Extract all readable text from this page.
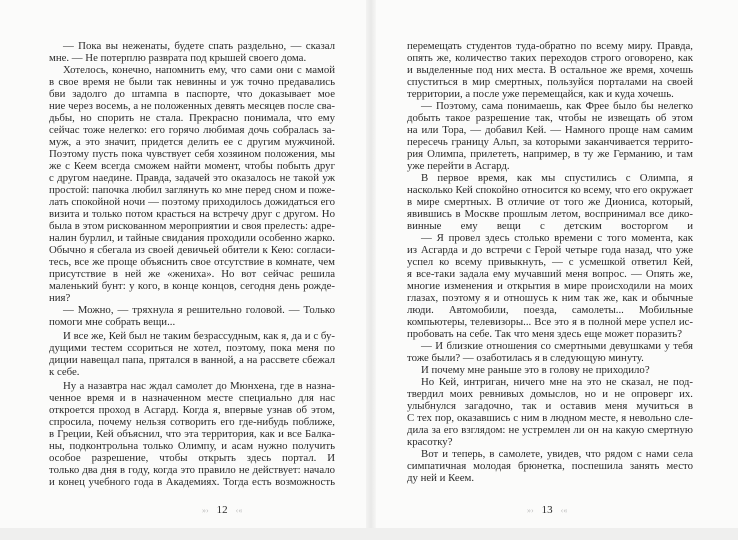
— Пока вы неженаты, будете спать раздельно, — сказал
мне. — Не потерплю разврата под крышей своего дома.
Хотелось, конечно, напомнить ему, что сами они с мамой
в свое время не были так невинны и уж точно предавались
бви задолго до штампа в паспорте, что доказывает мое
ние через восемь, а не положенных девять месяцев после сва-
дьбы, но спорить не стала. Прекрасно понимала, что ему
сейчас тоже нелегко: его горячо любимая дочь собралась за-
муж, а это значит, придется делить ее с другим мужчиной.
Поэтому пусть пока чувствует себя хозяином положения, мы
же с Кеем всегда сможем найти момент, чтобы побыть друг
с другом наедине. Правда, задачей это оказалось не такой уж
простой: папочка любил заглянуть ко мне перед сном и поже-
лать спокойной ночи — поэтому приходилось дожидаться его
визита и только потом красться на встречу друг с другом. Но
была в этом рискованном мероприятии и своя прелесть: адре-
налин бурлил, и тайные свидания проходили особенно жарко.
Обычно я сбегала из своей девичьей обители к Кею: согласи-
тесь, все же проще объяснить свое отсутствие в комнате, чем
присутствие в ней же «жениха». Но вот сейчас решила
маленький бунт: у кого, в конце концов, сегодня день рожде-
ния?
— Можно, — тряхнула я решительно головой. — Только
помоги мне собрать вещи...
И все же, Кей был не таким безрассудным, как я, да и с бу-
дущими тестем ссориться не хотел, поэтому, пока меня по
диции навещал папа, прятался в ванной, а на рассвете сбежал
к себе.
Ну а назавтра нас ждал самолет до Мюнхена, где в назна-
ченное время и в назначенном месте специально для нас
откроется проход в Асгард. Когда я, впервые узнав об этом,
спросила, почему нельзя сотворить его где-нибудь поближе,
в Греции, Кей объяснил, что эта территория, как и все Балка-
ны, подконтрольна только Олимпу, и асам нужно получить
особое разрешение, чтобы открыть здесь портал. И
только два дня в году, когда это правило не действует: начало
и конец учебного года в Академиях. Тогда есть возможность
перемещать студентов туда-обратно по всему миру. Правда,
опять же, количество таких переходов строго оговорено, как
и выделенные под них места. В остальное же время, хочешь
спуститься в мир смертных, пользуйся порталами на своей
территории, а после уже перемещайся, как и куда хочешь.
— Поэтому, сама понимаешь, как Фрее было бы нелегко
добыть такое разрешение так, чтобы не извещать об этом
на или Тора, — добавил Кей. — Намного проще нам самим
пересечь границу Альп, за которыми заканчивается террито-
рия Олимпа, прилететь, например, в ту же Германию, и там
уже перейти в Асгард.
В первое время, как мы спустились с Олимпа, я
насколько Кей спокойно относится ко всему, что его окружает
в мире смертных. В отличие от того же Диониса, который,
явившись в Москве прошлым летом, воспринимал все дико-
винные ему вещи с детским восторгом и
— Я провел здесь столько времени с того момента, как
из Асгарда и до встречи с Герой четыре года назад, что уже
успел ко всему привыкнуть, — с усмешкой ответил Кей,
я все-таки задала ему мучавший меня вопрос. — Опять же,
многие изменения и открытия в мире происходили на моих
глазах, поэтому я и отношусь к ним так же, как и обычные
люди. Автомобили, поезда, самолеты... Мобильные
компьютеры, телевизоры... Все это я в полной мере успел ис-
пробовать на себе. Так что меня здесь еще может поразить?
— И близкие отношения со смертными девушками у тебя
тоже были? — озаботилась я в следующую минуту.
И почему мне раньше это в голову не приходило?
Но Кей, интриган, ничего мне на это не сказал, не под-
твердил моих ревнивых домыслов, но и не опроверг их.
улыбнулся загадочно, так и оставив меня мучиться в
С тех пор, оказавшись с ним в людном месте, я невольно сле-
дила за его взглядом: не устремлен ли он на какую смертную
красотку?
Вот и теперь, в самолете, увидев, что рядом с нами села
симпатичная молодая брюнетка, поспешила занять место
ду ней и Кеем.
»› 12 ‹«	»› 13 ‹«
